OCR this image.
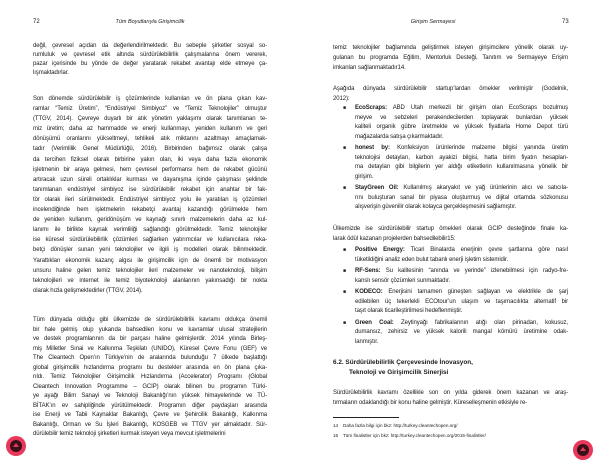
72	Tüm Boyutlarıyla Girişimcilik
değil, çevresel açıdan da değerlendirilmektedir. Bu sebeple şirketler sosyal so-
rumluluk ve çevresel etik altında sürdürülebilirlik çalışmalarına önem vererek,
pazar içerisinde bu yönde de değer yaratarak rekabet avantajı elde etmeye ça-
lışmaktadırlar.
Son dönemde sürdürülebilir iş çözümlerinde kullanılan ve ön plana çıkan kav-
ramlar “Temiz Üretim”, “Endüstriyel Simbiyoz” ve “Temiz Teknolojiler” olmuştur
(TTGV, 2014). Çevreye duyarlı bir atık yönetim yaklaşımı olarak tanımlanan te-
miz üretim; daha az hammadde ve enerji kullanmayı, yeniden kullanım ve geri
dönüşümü oranlarını yükseltmeyi, tehlikeli atık miktarını azaltmayı amaçlamak-
tadır (Verimlilik Genel Müdürlüğü, 2016). Birbirinden bağımsız olarak çalışa
da tercihen fiziksel olarak birbirine yakın olan, iki veya daha fazla ekonomik
işletmenin bir araya gelmesi, hem çevresel performansı hem de rekabet gücünü
artıracak uzun süreli ortaklıklar kurması ve dayanışma içinde çalışması şeklinde
tanımlanan endüstriyel simbiyoz ise sürdürülebilir rekabet için anahtar bir fak-
tör olarak ileri sürülmektedir. Endüstriyel simbiyoz yolu ile yaratılan iş çözümleri
incelendiğinde hem işletmelerin rekabetçi avantaj kazandığı görülmekte hem
de yeniden kullanım, geridönüşüm ve kaynağı sınırlı malzemelerin daha az kul-
lanımı ile birlikte kaynak verimliliği sağlandığı görülmektedir. Temiz teknolojiler
ise küresel sürdürülebilirlik çözümleri sağlarken yatırımcılar ve kullanıcılara reka-
betçi dönüşler sunan yeni teknolojiler ve ilgili iş modelleri olarak bilinmektedir.
Yarattıkları ekonomik kazanç algısı ile girişimcilik için de önemli bir motivasyon
unsuru haline gelen temiz teknolojiler ileri malzemeler ve nanoteknoloji, bilişim
teknolojileri ve internet ile temiz biyoteknoloji alanlarının yakınsadığı bir nokta
olarak hızla gelişmektedirler (TTGV, 2014).
Tüm dünyada olduğu gibi ülkemizde de sürdürülebilirlik kavramı oldukça önemli
bir hale gelmiş olup yukarıda bahsedilen konu ve kavramlar ulusal stratejilerin
ve destek programlarının da bir parçası haline gelmişlerdir. 2014 yılında Birleş-
miş Milletler Sınai ve Kalkınma Teşkilatı (UNIDO), Küresel Çevre Fonu (GEF) ve
The Cleantech Open’ın Türkiye’nin de aralarında bulunduğu 7 ülkede başlattığı
global girişimcilik hızlandırma programı bu destekler arasında en ön plana çıka-
rıldı. Temiz Teknolojiler Girişimcilik Hızlandırma (Accelerator) Programı (Global
Cleantech Innovation Programme – GCIP) olarak bilinen bu programın Türki-
ye ayağı Bilim Sanayi ve Teknoloji Bakanlığı’nın yüksek himayelerinde ve TÜ-
BİTAK’ın ev sahipliğinde yürütülmektedir. Programın diğer paydaşları arasında
ise Enerji ve Tabii Kaynaklar Bakanlığı, Çevre ve Şehircilik Bakanlığı, Kalkınma
Bakanlığı, Orman ve Su İşleri Bakanlığı, KOSGEB ve TTGV yer almaktadır. Sür-
dürülebilir temiz teknoloji şirketleri kurmak isteyen veya mevcut işletmelerini
Girişim Sermayesi	73
temiz teknolojiler bağlamında geliştirmek isteyen girişimcilere yönelik olarak uy-
gulanan bu programda Eğitim, Mentorluk Desteği, Tanıtım ve Sermayeye Erişim
imkanları sağlanmaktadır14.
Aşağıda dünyada sürdürülebilir startup’lardan örnekler verilmiştir (Godelnik,
2012):
■ EcoScraps: ABD Utah merkezli bir girişim olan EcoScraps bozulmuş
meyve ve sebzeleri perakendecilerden toplayarak bunlardan yüksek
kaliteli organik gübre üretmekte ve yüksek fiyatlarla Home Depot türü
mağazalarda satışa çıkarmaktadır.
■ honest by: Konfeksiyon ürünlerinde malzeme bilgisi yanında üretim
teknolojisi detayları, karbon ayakizi bilgisi, hatta birim fiyatın hesaplan-
ma detayları gibi bilgilerin yer aldığı etiketlerin kullanılmasına yönelik bir
girişim.
■ StayGreen Oil: Kullanılmış akaryakıt ve yağ ürünlerinin alıcı ve satıcıla-
rını buluşturan sanal bir piyasa oluşturmuş ve dijital ortamda sözkonusu
alışverişin güvenilir olarak kolayca gerçekleşmesini sağlamıştır.
Ülkemizde ise sürdürülebilir startup örnekleri olarak GCIP desteğinde finale ka-
larak ödül kazanan projelerden bahsedilebilir15:
■ Positive Energy: Ticari Binalarda enerjinin çevre şartlarına göre nasıl
tüketildiğini analiz eden bulut tabanlı enerji işletim sistemidir.
■ RF-Sens: Su kalitesinin “anında ve yerinde” izlenebilmesi için radyo-fre-
kanslı sensör çözümleri sunmaktadır.
■ KODECO: Enerjisini tamamen güneşten sağlayan ve elektrikle de şarj
edilebilen üç tekerlekli ECOtour’un ulaşım ve taşımacılıkta alternatif bir
taşıt olarak ticarileştirilmesi hedeflenmiştir.
■ Green Coal: Zeytinyağı fabrikalarının atığı olan pirinadan, kokusuz,
dumansız, zehirsiz ve yüksek kalorili mangal kömürü üretimine odak-
lanmıştır.
6.2. Sürdürülebilirlik Çerçevesinde İnovasyon,
Teknoloji ve Girişimcilik Sinerjisi
Sürdürülebilirlik kavramı özellikle son on yılda giderek önem kazanan ve araş-
tırmaların odaklandığı bir konu haline gelmiştir. Küreselleşmenin etkisiyle re-
14 Daha fazla bilgi için bkz: http://turkey.cleantechopen.org/
15 Tüm finalistler için bkz: http://turkey.cleantechopen.org/2015-finalistler/
